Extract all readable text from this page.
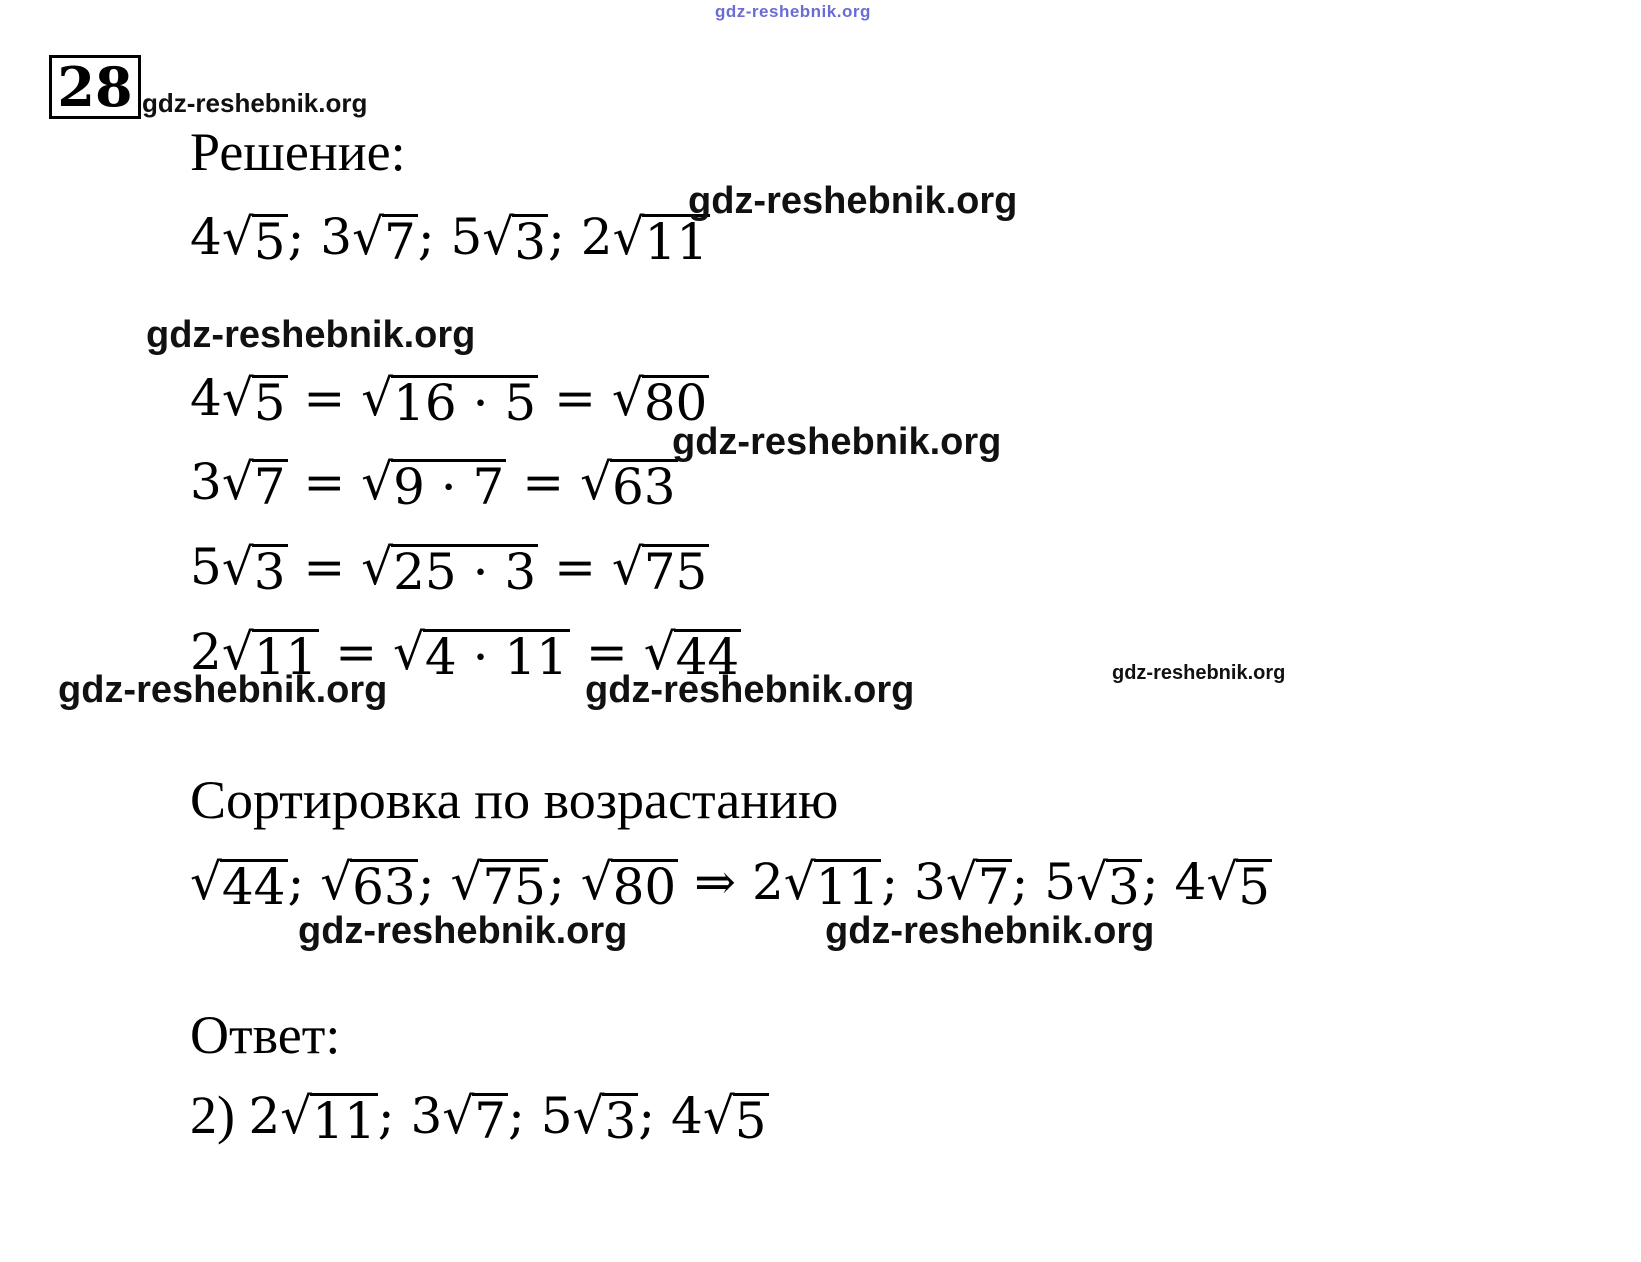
gdz-reshebnik.org
28 gdz-reshebnik.org
Решение:
4 √ 5 ; 3 √ 7 ; 5 √ 3 ; 2 √ 11
gdz-reshebnik.org
gdz-reshebnik.org
4 √ 5 = √ 16 · 5 = √ 80
3 √ 7 = √ 9 · 7 = √ 63
5 √ 3 = √ 25 · 3 = √ 75
2 √ 11 = √ 4 · 11 = √ 44
gdz-reshebnik.org
gdz-reshebnik.org	gdz-reshebnik.org	gdz-reshebnik.org
Сортировка по возрастанию
√ 44 ; √ 63 ; √ 75 ; √ 80 ⇒ 2 √ 11 ; 3 √ 7 ; 5 √ 3 ; 4 √ 5
gdz-reshebnik.org	gdz-reshebnik.org
Ответ:
2) 2 √ 11 ; 3 √ 7 ; 5 √ 3 ; 4 √ 5
